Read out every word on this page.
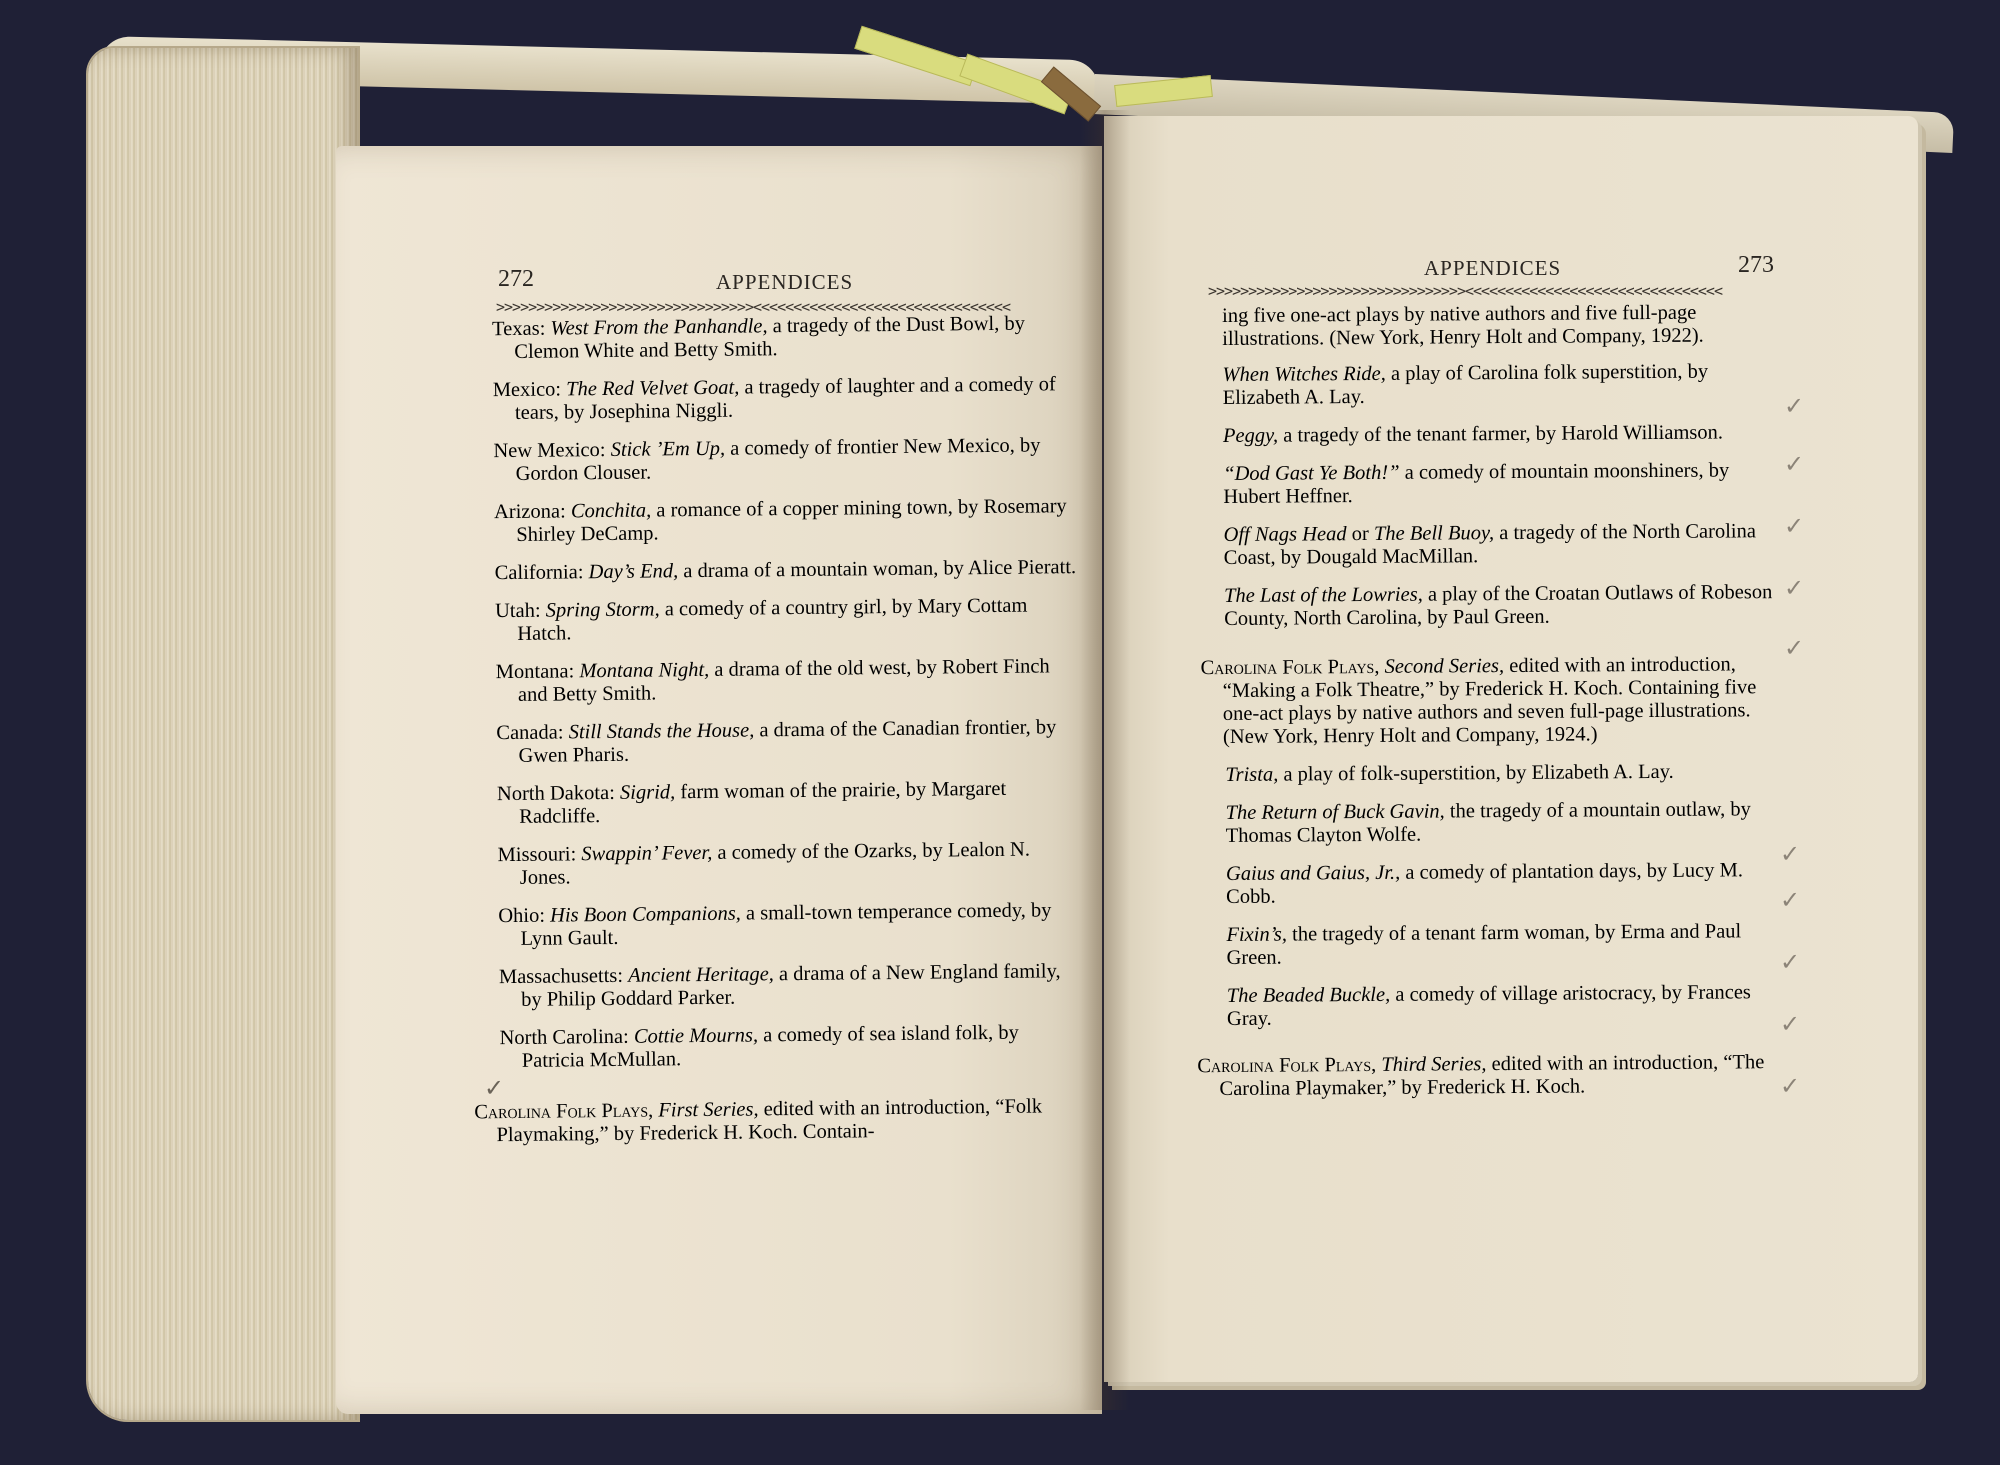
272	APPENDICES
>>>>>>>>>>>>>>>>>>>>>>>>>>>>>>>><<<<<<<<<<<<<<<<<<<<<<<<<<<<<<<<
Texas: West From the Panhandle, a tragedy of the Dust Bowl, by Clemon White and Betty Smith.
Mexico: The Red Velvet Goat, a tragedy of laughter and a comedy of tears, by Josephina Niggli.
New Mexico: Stick ’Em Up, a comedy of frontier New Mexico, by Gordon Clouser.
Arizona: Conchita, a romance of a copper mining town, by Rosemary Shirley DeCamp.
California: Day’s End, a drama of a mountain woman, by Alice Pieratt.
Utah: Spring Storm, a comedy of a country girl, by Mary Cottam Hatch.
Montana: Montana Night, a drama of the old west, by Robert Finch and Betty Smith.
Canada: Still Stands the House, a drama of the Canadian frontier, by Gwen Pharis.
North Dakota: Sigrid, farm woman of the prairie, by Margaret Radcliffe.
Missouri: Swappin’ Fever, a comedy of the Ozarks, by Lealon N. Jones.
Ohio: His Boon Companions, a small-town temperance comedy, by Lynn Gault.
Massachusetts: Ancient Heritage, a drama of a New England family, by Philip Goddard Parker.
North Carolina: Cottie Mourns, a comedy of sea island folk, by Patricia McMullan.
Carolina Folk Plays, First Series, edited with an introduction, “Folk Playmaking,” by Frederick H. Koch. Contain-
✓
APPENDICES	273
>>>>>>>>>>>>>>>>>>>>>>>>>>>>>>>><<<<<<<<<<<<<<<<<<<<<<<<<<<<<<<<
ing five one-act plays by native authors and five full-page illustrations. (New York, Henry Holt and Company, 1922).
When Witches Ride, a play of Carolina folk superstition, by Elizabeth A. Lay.
Peggy, a tragedy of the tenant farmer, by Harold Williamson.
“Dod Gast Ye Both!” a comedy of mountain moonshiners, by Hubert Heffner.
Off Nags Head or The Bell Buoy, a tragedy of the North Carolina Coast, by Dougald MacMillan.
The Last of the Lowries, a play of the Croatan Outlaws of Robeson County, North Carolina, by Paul Green.
Carolina Folk Plays, Second Series, edited with an introduction, “Making a Folk Theatre,” by Frederick H. Koch. Containing five one-act plays by native authors and seven full-page illustrations. (New York, Henry Holt and Company, 1924.)
Trista, a play of folk-superstition, by Elizabeth A. Lay.
The Return of Buck Gavin, the tragedy of a mountain outlaw, by Thomas Clayton Wolfe.
Gaius and Gaius, Jr., a comedy of plantation days, by Lucy M. Cobb.
Fixin’s, the tragedy of a tenant farm woman, by Erma and Paul Green.
The Beaded Buckle, a comedy of village aristocracy, by Frances Gray.
Carolina Folk Plays, Third Series, edited with an introduction, “The Carolina Playmaker,” by Frederick H. Koch.
✓
✓
✓
✓
✓
✓
✓
✓
✓
✓
